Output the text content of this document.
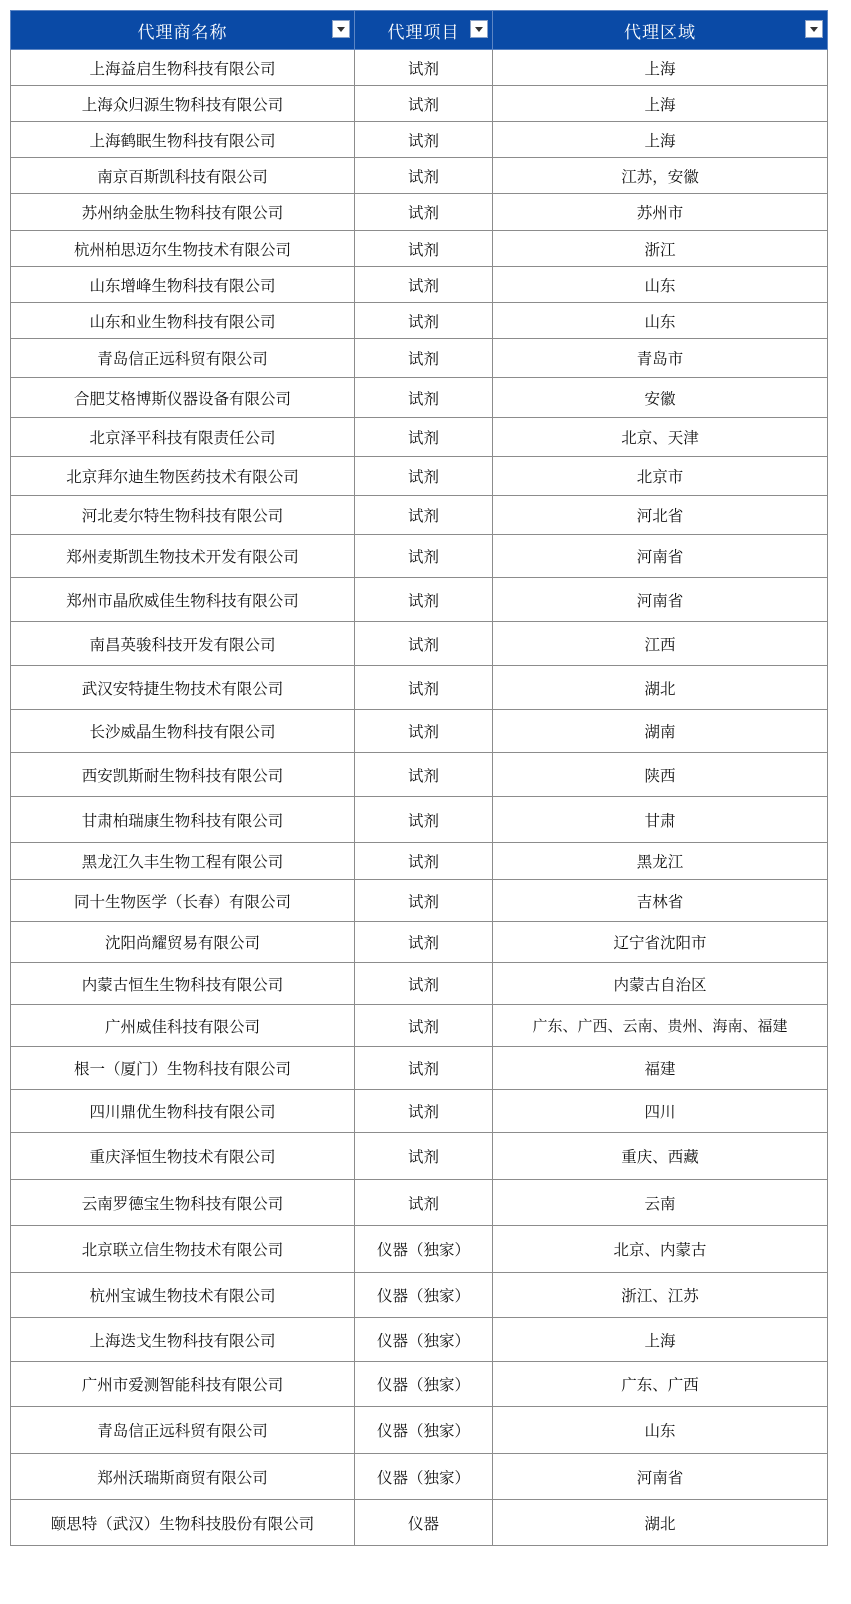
代理商名称	代理项目	代理区域

上海益启生物科技有限公司	试剂	上海
上海众归源生物科技有限公司	试剂	上海
上海鹤眠生物科技有限公司	试剂	上海
南京百斯凯科技有限公司	试剂	江苏，安徽
苏州纳金肽生物科技有限公司	试剂	苏州市
杭州柏思迈尔生物技术有限公司	试剂	浙江
山东增峰生物科技有限公司	试剂	山东
山东和业生物科技有限公司	试剂	山东
青岛信正远科贸有限公司	试剂	青岛市
合肥艾格博斯仪器设备有限公司	试剂	安徽
北京泽平科技有限责任公司	试剂	北京、天津
北京拜尔迪生物医药技术有限公司	试剂	北京市
河北麦尔特生物科技有限公司	试剂	河北省
郑州麦斯凯生物技术开发有限公司	试剂	河南省
郑州市晶欣威佳生物科技有限公司	试剂	河南省
南昌英骏科技开发有限公司	试剂	江西
武汉安特捷生物技术有限公司	试剂	湖北
长沙威晶生物科技有限公司	试剂	湖南
西安凯斯耐生物科技有限公司	试剂	陕西
甘肃柏瑞康生物科技有限公司	试剂	甘肃
黑龙江久丰生物工程有限公司	试剂	黑龙江
同十生物医学（长春）有限公司	试剂	吉林省
沈阳尚耀贸易有限公司	试剂	辽宁省沈阳市
内蒙古恒生生物科技有限公司	试剂	内蒙古自治区
广州威佳科技有限公司	试剂	广东、广西、云南、贵州、海南、福建
根一（厦门）生物科技有限公司	试剂	福建
四川鼎优生物科技有限公司	试剂	四川
重庆泽恒生物技术有限公司	试剂	重庆、西藏
云南罗德宝生物科技有限公司	试剂	云南
北京联立信生物技术有限公司	仪器（独家）	北京、内蒙古
杭州宝诚生物技术有限公司	仪器（独家）	浙江、江苏
上海迭戈生物科技有限公司	仪器（独家）	上海
广州市爱测智能科技有限公司	仪器（独家）	广东、广西
青岛信正远科贸有限公司	仪器（独家）	山东
郑州沃瑞斯商贸有限公司	仪器（独家）	河南省
颐思特（武汉）生物科技股份有限公司	仪器	湖北
